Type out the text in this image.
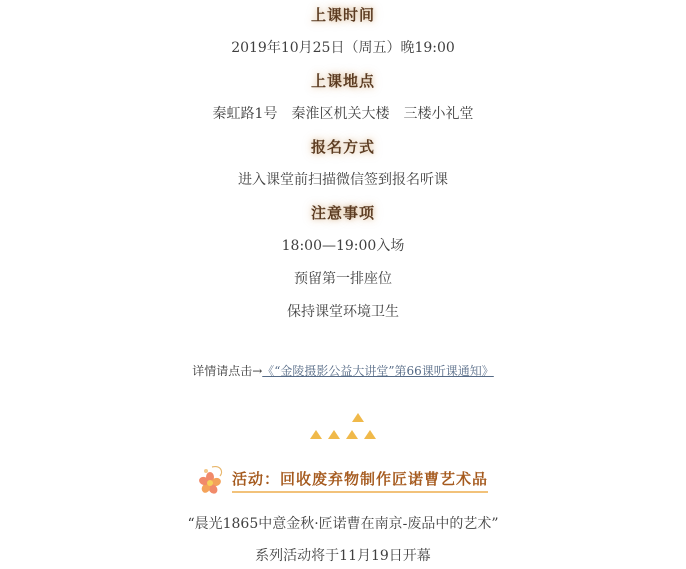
上课时间
2019年10月25日（周五）晚19:00
上课地点
秦虹路1号　秦淮区机关大楼　三楼小礼堂
报名方式
进入课堂前扫描微信签到报名听课
注意事项
18:00—19:00入场
预留第一排座位
保持课堂环境卫生
详情请点击→《“金陵摄影公益大讲堂”第66课听课通知》
活动：回收废弃物制作匠诺曹艺术品
“晨光1865中意金秋·匠诺曹在南京-废品中的艺术”
系列活动将于11月19日开幕
